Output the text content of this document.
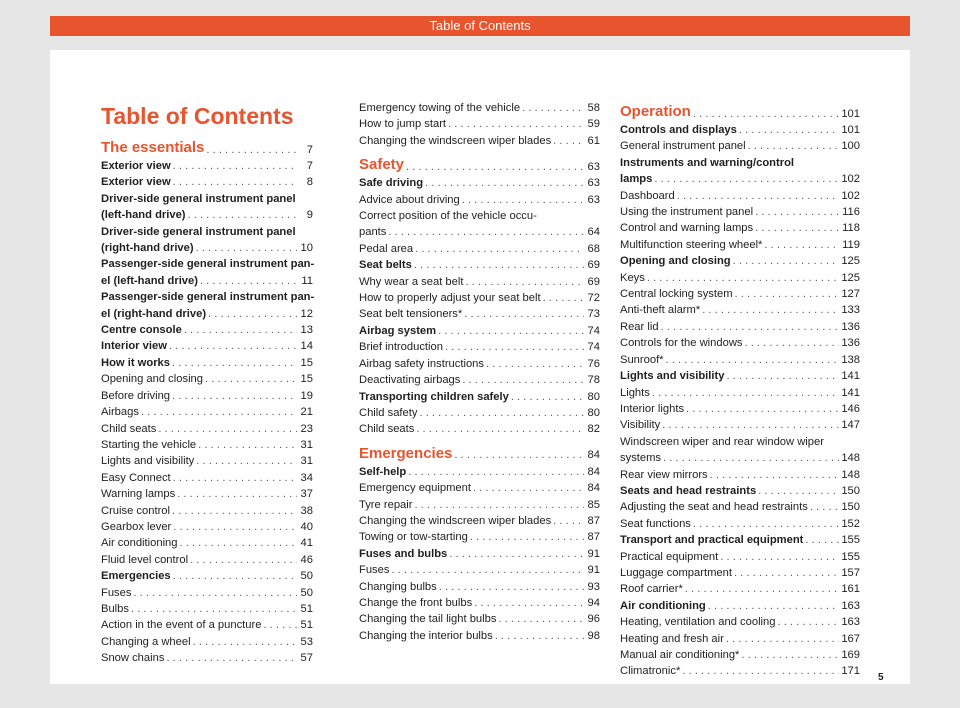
Table of Contents
Table of Contents
The essentials . . .	7
Exterior view . . .	7
Exterior view . . .	8
Driver-side general instrument panel
(left-hand drive) . . .	9
Driver-side general instrument panel
(right-hand drive) . . .	10
Passenger-side general instrument pan-
el (left-hand drive) . . .	11
Passenger-side general instrument pan-
el (right-hand drive) . . .	12
Centre console . . .	13
Interior view . . .	14
How it works . . .	15
Opening and closing . . .	15
Before driving . . .	19
Airbags . . .	21
Child seats . . .	23
Starting the vehicle . . .	31
Lights and visibility . . .	31
Easy Connect . . .	34
Warning lamps . . .	37
Cruise control . . .	38
Gearbox lever . . .	40
Air conditioning . . .	41
Fluid level control . . .	46
Emergencies . . .	50
Fuses . . .	50
Bulbs . . .	51
Action in the event of a puncture . . .	51
Changing a wheel . . .	53
Snow chains . . .	57
Emergency towing of the vehicle . . .	58
How to jump start . . .	59
Changing the windscreen wiper blades . . .	61
Safety . . .	63
Safe driving . . .	63
Advice about driving . . .	63
Correct position of the vehicle occu-
pants . . .	64
Pedal area . . .	68
Seat belts . . .	69
Why wear a seat belt . . .	69
How to properly adjust your seat belt . . .	72
Seat belt tensioners* . . .	73
Airbag system . . .	74
Brief introduction . . .	74
Airbag safety instructions . . .	76
Deactivating airbags . . .	78
Transporting children safely . . .	80
Child safety . . .	80
Child seats . . .	82
Emergencies . . .	84
Self-help . . .	84
Emergency equipment . . .	84
Tyre repair . . .	85
Changing the windscreen wiper blades . . .	87
Towing or tow-starting . . .	87
Fuses and bulbs . . .	91
Fuses . . .	91
Changing bulbs . . .	93
Change the front bulbs . . .	94
Changing the tail light bulbs . . .	96
Changing the interior bulbs . . .	98
Operation . . .	101
Controls and displays . . .	101
General instrument panel . . .	100
Instruments and warning/control
lamps . . .	102
Dashboard . . .	102
Using the instrument panel . . .	116
Control and warning lamps . . .	118
Multifunction steering wheel* . . .	119
Opening and closing . . .	125
Keys . . .	125
Central locking system . . .	127
Anti-theft alarm* . . .	133
Rear lid . . .	136
Controls for the windows . . .	136
Sunroof* . . .	138
Lights and visibility . . .	141
Lights . . .	141
Interior lights . . .	146
Visibility . . .	147
Windscreen wiper and rear window wiper
systems . . .	148
Rear view mirrors . . .	148
Seats and head restraints . . .	150
Adjusting the seat and head restraints . . .	150
Seat functions . . .	152
Transport and practical equipment . . .	155
Practical equipment . . .	155
Luggage compartment . . .	157
Roof carrier* . . .	161
Air conditioning . . .	163
Heating, ventilation and cooling . . .	163
Heating and fresh air . . .	167
Manual air conditioning* . . .	169
Climatronic* . . .	171
5
